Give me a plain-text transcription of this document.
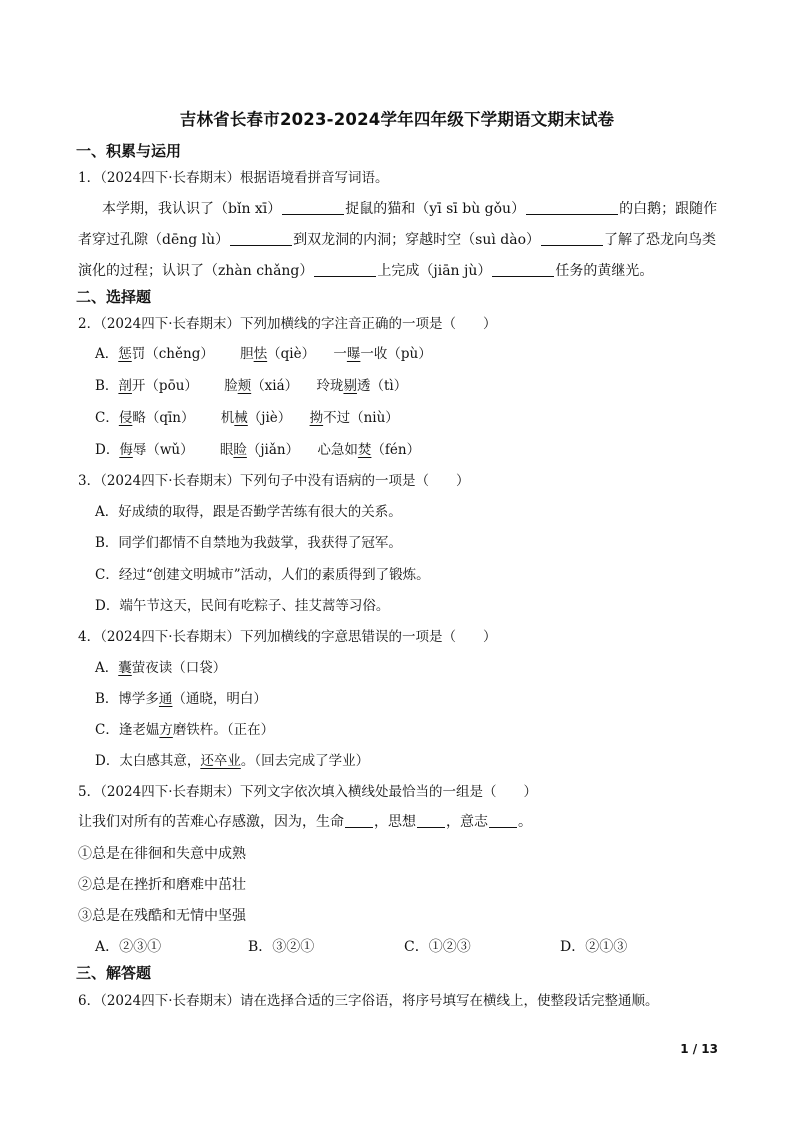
吉林省长春市2023-2024学年四年级下学期语文期末试卷
一、积累与运用
1．（2024四下·长春期末）根据语境看拼音写词语。
本学期，我认识了（bǐn xī）	捉鼠的猫和（yī sī bù gǒu）	的白鹅；跟随作
者穿过孔隙（dēng lù）	到双龙洞的内洞；穿越时空（suì dào）	了解了恐龙向鸟类
演化的过程；认识了（zhàn chǎng）	上完成（jiān jù）	任务的黄继光。
二、选择题
2．（2024四下·长春期末）下列加横线的字注音正确的一项是（　　）
A．惩罚（chěng） 胆怯（qiè） 一曝一收（pù）
B．剖开（pōu） 脸颊（xiá） 玲珑剔透（tì）
C．侵略（qīn） 机械（jiè） 拗不过（niù）
D．侮辱（wǔ） 眼睑（jiǎn） 心急如焚（fén）
3．（2024四下·长春期末）下列句子中没有语病的一项是（　　）
A．好成绩的取得，跟是否勤学苦练有很大的关系。
B．同学们都情不自禁地为我鼓掌，我获得了冠军。
C．经过“创建文明城市”活动，人们的素质得到了锻炼。
D．端午节这天，民间有吃粽子、挂艾蒿等习俗。
4．（2024四下·长春期末）下列加横线的字意思错误的一项是（　　）
A．囊萤夜读（口袋）
B．博学多通（通晓，明白）
C．逢老媪方磨铁杵。（正在）
D．太白感其意，还卒业。（回去完成了学业）
5．（2024四下·长春期末）下列文字依次填入横线处最恰当的一组是（　　）
让我们对所有的苦难心存感激，因为，生命 ，思想 ，意志 。
①总是在徘徊和失意中成熟
②总是在挫折和磨难中茁壮
③总是在残酷和无情中坚强
A．②③①	B．③②①	C．①②③	D．②①③
三、解答题
6．（2024四下·长春期末）请在选择合适的三字俗语，将序号填写在横线上，使整段话完整通顺。
1 / 13
